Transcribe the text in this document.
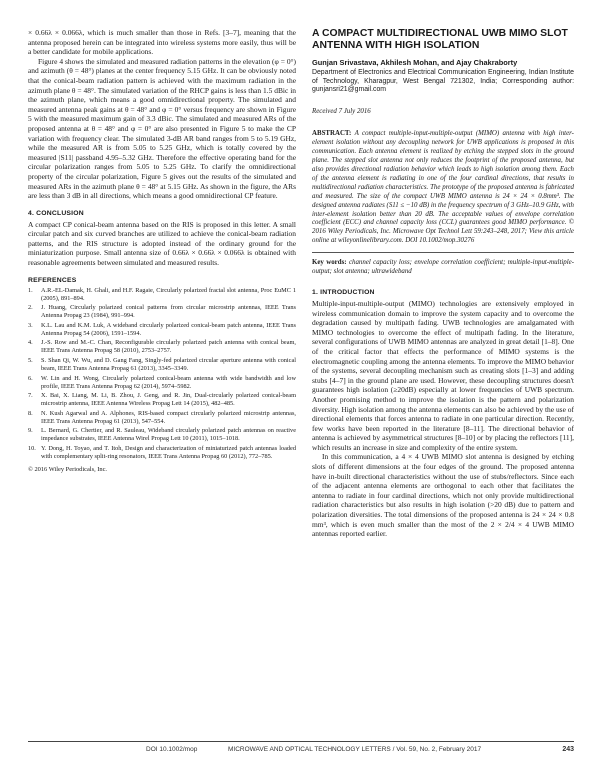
× 0.66λ × 0.066λ, which is much smaller than those in Refs. [3–7], meaning that the antenna proposed herein can be integrated into wireless systems more easily, thus will be a better candidate for mobile applications.

Figure 4 shows the simulated and measured radiation patterns in the elevation (φ = 0°) and azimuth (θ = 48°) planes at the center frequency 5.15 GHz. It can be obviously noted that the conical-beam radiation pattern is achieved with the maximum radiation in the azimuth plane θ = 48°. The simulated variation of the RHCP gains is less than 1.5 dBic in the azimuth plane, which means a good omnidirectional property. The simulated and measured antenna peak gains at θ = 48° and φ = 0° versus frequency are shown in Figure 5 with the measured maximum gain of 3.3 dBic. The simulated and measured ARs of the proposed antenna at θ = 48° and φ = 0° are also presented in Figure 5 to make the CP variation with frequency clear. The simulated 3-dB AR band ranges from 5 to 5.19 GHz, while the measured AR is from 5.05 to 5.25 GHz, which is totally covered by the measured |S11| passband 4.95–5.32 GHz. Therefore the effective operating band for the circular polarization ranges from 5.05 to 5.25 GHz. To clarify the omnidirectional property of the circular polarization, Figure 5 gives out the results of the simulated and measured ARs in the azimuth plane θ = 48° at 5.15 GHz. As shown in the figure, the ARs are less than 3 dB in all directions, which means a good omnidirectional CP feature.

4. CONCLUSION

A compact CP conical-beam antenna based on the RIS is proposed in this letter. A small circular patch and six curved branches are utilized to achieve the conical-beam radiation patterns, and the RIS structure is adopted instead of the ordinary ground for the miniaturization purpose. Small antenna size of 0.66λ × 0.66λ × 0.066λ is obtained with reasonable agreements between simulated and measured results.

REFERENCES
1. A.R.-EL-Damak, H. Ghali, and H.F. Ragaie, Circularly polarized fractal slot antenna, Proc EuMC 1 (2005), 891–894.
2. J. Huang, Circularly polarized conical patterns from circular microstrip antennas, IEEE Trans Antenna Propag 23 (1984), 991–994.
3. K.L. Lau and K.M. Luk, A wideband circularly polarized conical-beam patch antenna, IEEE Trans Antenna Propag 54 (2006), 1591–1594.
4. J.-S. Row and M.-C. Chan, Reconfigurable circularly polarized patch antenna with conical beam, IEEE Trans Antenna Propag 58 (2010), 2753–2757.
5. S. Shan Qi, W. Wu, and D. Gang Fang, Singly-fed polarized circular aperture antenna with conical beam, IEEE Trans Antenna Propag 61 (2013), 3345–3349.
6. W. Lin and H. Wong, Circularly polarized conical-beam antenna with wide bandwidth and low profile, IEEE Trans Antenna Propag 62 (2014), 5974–5982.
7. X. Bai, X. Liang, M. Li, B. Zhou, J. Geng, and R. Jin, Dual-circularly polarized conical-beam microstrip antenna, IEEE Antenna Wireless Propag Lett 14 (2015), 482–485.
8. N. Kush Agarwal and A. Alphones, RIS-based compact circularly polarized microstrip antennas, IEEE Trans Antenna Propag 61 (2013), 547–554.
9. L. Bernard, G. Chertier, and R. Sauleau, Wideband circularly polarized patch antennas on reactive impedance substrates, IEEE Antenna Wirel Propag Lett 10 (2011), 1015–1018.
10. Y. Dong, H. Toyao, and T. Itoh, Design and characterization of miniaturized patch antennas loaded with complementary split-ring resonators, IEEE Trans Antenna Propag 60 (2012), 772–785.

© 2016 Wiley Periodicals, Inc.

A COMPACT MULTIDIRECTIONAL UWB MIMO SLOT ANTENNA WITH HIGH ISOLATION
Gunjan Srivastava, Akhilesh Mohan, and Ajay Chakraborty

Department of Electronics and Electrical Communication Engineering, Indian Institute of Technology, Kharagpur, West Bengal 721302, India; Corresponding author: gunjansri21@gmail.com

Received 7 July 2016

ABSTRACT: A compact multiple-input-multiple-output (MIMO) antenna with high inter-element isolation without any decoupling network for UWB applications is proposed in this communication. Each antenna element is realized by etching the stepped slots in the ground plane. The stepped slot antenna not only reduces the footprint of the proposed antenna, but also provides directional radiation behavior which leads to high isolation among them. Each of the antenna element is radiating in one of the four cardinal directions, that results in multidirectional radiation characteristics. The prototype of the proposed antenna is fabricated and measured. The size of the compact UWB MIMO antenna is 24 × 24 × 0.8mm³. The designed antenna radiates (S11 ≤ −10 dB) in the frequency spectrum of 3 GHz–10.9 GHz, with inter-element isolation better than 20 dB. The acceptable values of envelope correlation coefficient (ECC) and channel capacity loss (CCL) guarantees good MIMO performance. © 2016 Wiley Periodicals, Inc. Microwave Opt Technol Lett 59:243–248, 2017; View this article online at wileyonlinelibrary.com. DOI 10.1002/mop.30276

Key words: channel capacity loss; envelope correlation coefficient; multiple-input-multiple-output; slot antenna; ultrawideband

1. INTRODUCTION

Multiple-input-multiple-output (MIMO) technologies are extensively employed in wireless communication domain to improve the system capacity and to overcome the degradation caused by multipath fading. UWB technologies are amalgamated with MIMO technologies to overcome the effect of multipath fading. In the literature, several configurations of UWB MIMO antennas are analyzed in great detail [1–8]. One of the critical factor that effects the performance of MIMO systems is the electromagnetic coupling among the antenna elements. To improve the MIMO behavior of the systems, several decoupling mechanism such as creating slots [1–3] and adding stubs [4–7] in the ground plane are used. However, these decoupling structures doesn't guarantees high isolation (≥20dB) especially at lower frequencies of UWB spectrum. Another promising method to improve the isolation is the pattern and polarization diversity. High isolation among the antenna elements can also be achieved by the use of directional elements that forces antenna to radiate in one particular direction. Recently, few works have been reported in the literature [8–11]. The directional behavior of antenna is achieved by asymmetrical structures [8–10] or by placing the reflectors [11], which results an increase in size and complexity of the entire system.

In this communication, a 4 × 4 UWB MIMO slot antenna is designed by etching slots of different dimensions at the four edges of the ground. The proposed antenna have in-built directional characteristics without the use of stubs/reflectors. Since each of the adjacent antenna elements are orthogonal to each other that facilitates the antenna to radiate in four cardinal directions, which not only provide multidirectional radiation characteristics but also results in high isolation (>20 dB) due to pattern and polarization diversities. The total dimensions of the proposed antenna is 24 × 24 × 0.8 mm³, which is even much smaller than the most of the 2 × 2/4 × 4 UWB MIMO antennas reported earlier.

DOI 10.1002/mop	MICROWAVE AND OPTICAL TECHNOLOGY LETTERS / Vol. 59, No. 2, February 2017	243
